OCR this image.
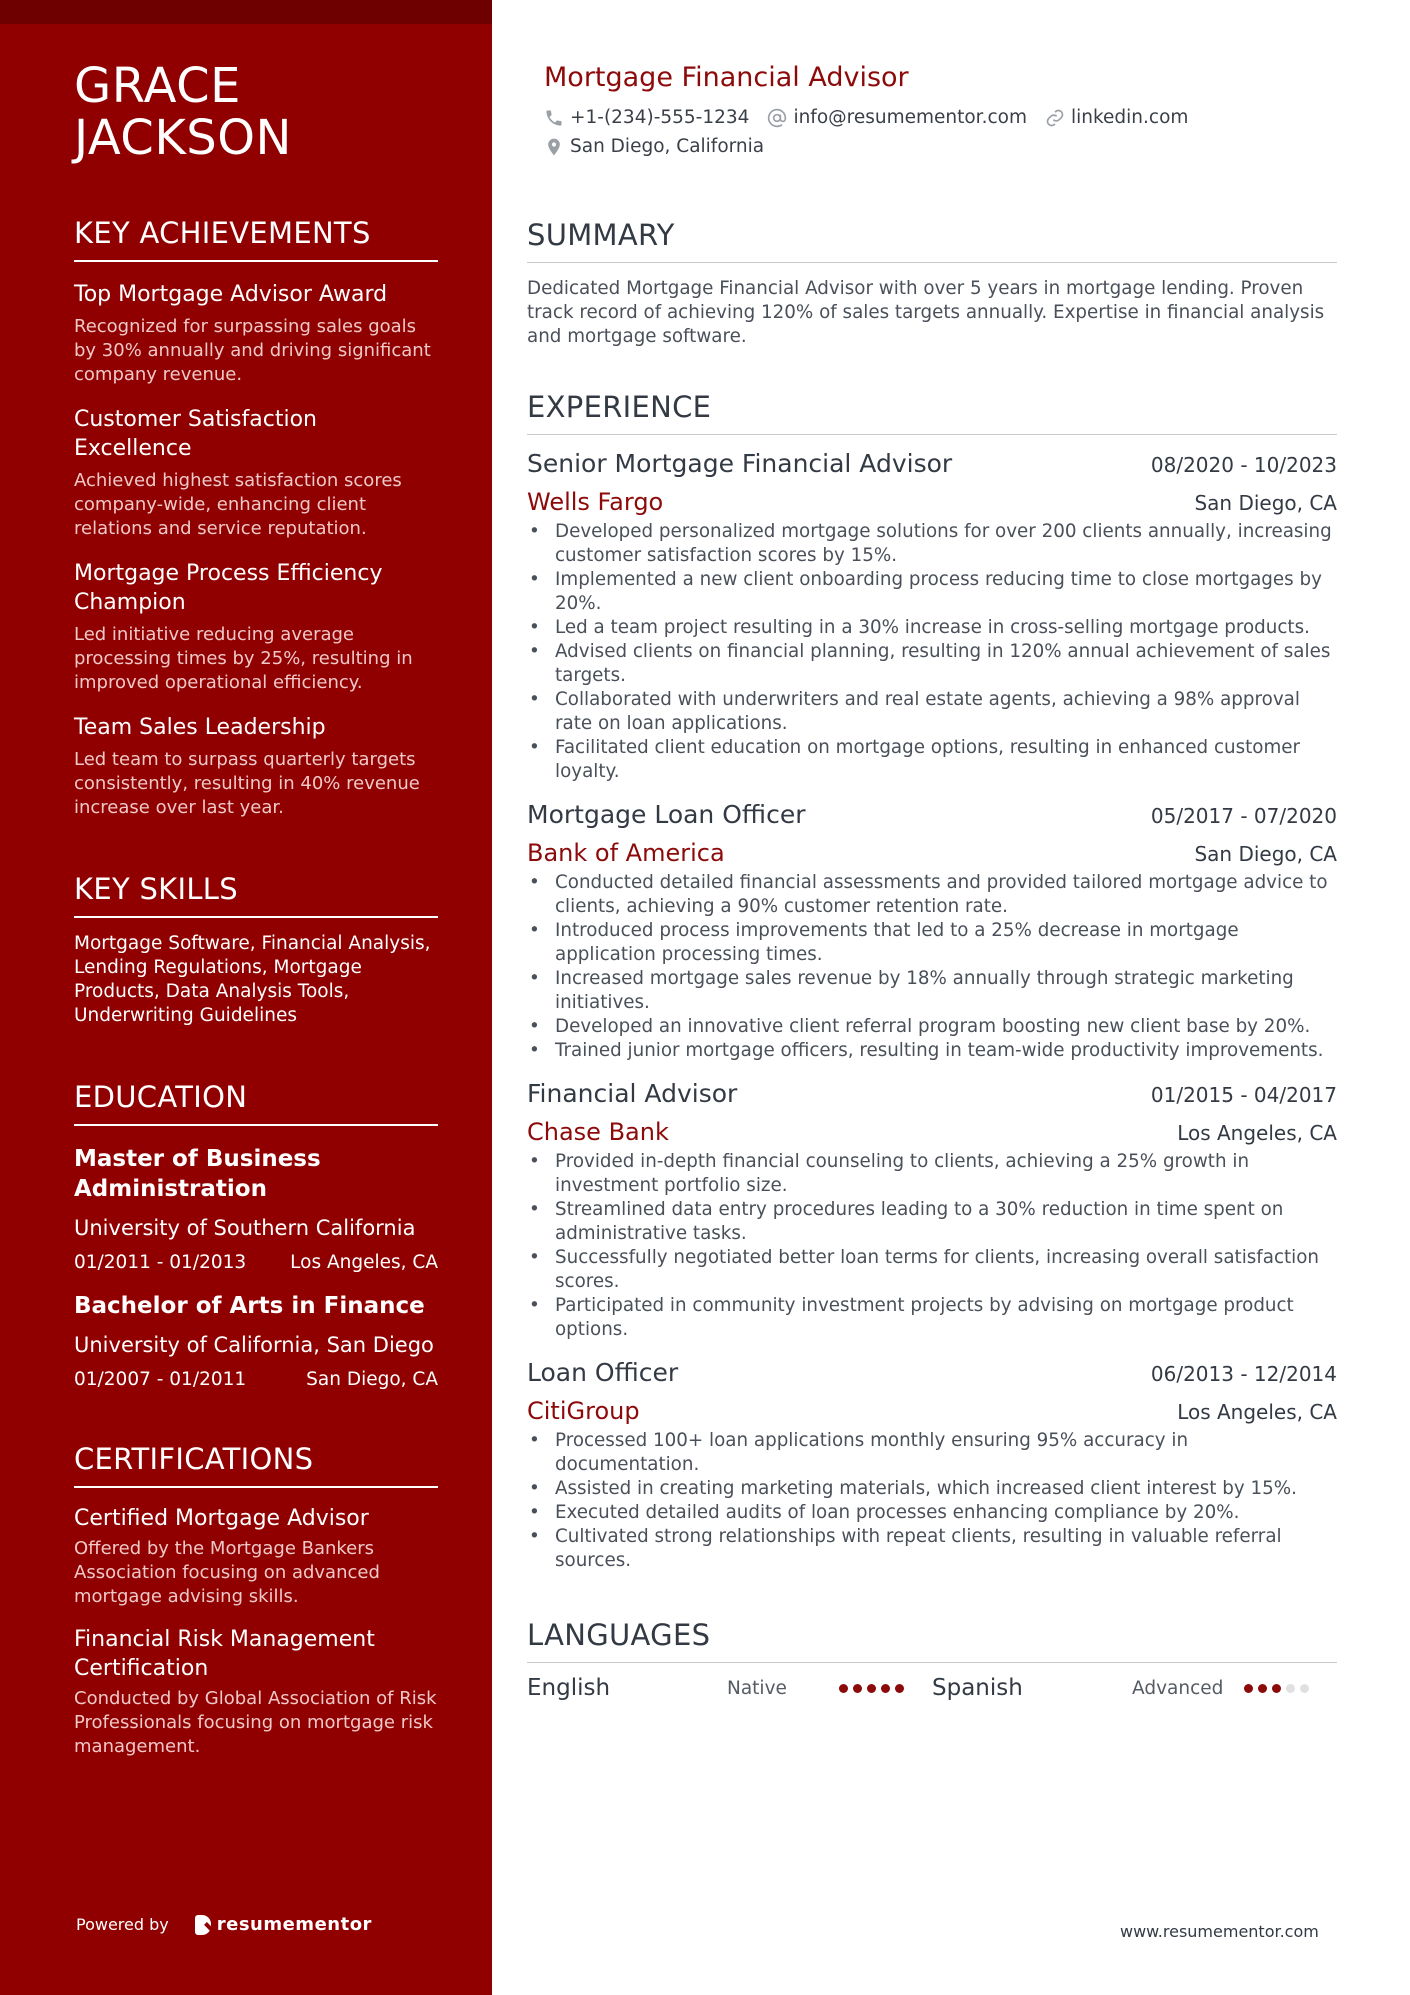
GRACE
JACKSON
KEY ACHIEVEMENTS
Top Mortgage Advisor Award
Recognized for surpassing sales goals by 30% annually and driving significant company revenue.
Customer Satisfaction Excellence
Achieved highest satisfaction scores company-wide, enhancing client relations and service reputation.
Mortgage Process Efficiency Champion
Led initiative reducing average processing times by 25%, resulting in improved operational efficiency.
Team Sales Leadership
Led team to surpass quarterly targets consistently, resulting in 40% revenue increase over last year.
KEY SKILLS
Mortgage Software, Financial Analysis, Lending Regulations, Mortgage Products, Data Analysis Tools, Underwriting Guidelines
EDUCATION
Master of Business Administration
University of Southern California
01/2011 - 01/2013 Los Angeles, CA
Bachelor of Arts in Finance
University of California, San Diego
01/2007 - 01/2011	San Diego, CA
CERTIFICATIONS
Certified Mortgage Advisor
Offered by the Mortgage Bankers Association focusing on advanced mortgage advising skills.
Financial Risk Management Certification
Conducted by Global Association of Risk Professionals focusing on mortgage risk management.
Powered by	resumementor
Mortgage Financial Advisor
+1-(234)-555-1234 info@resumementor.com linkedin.com
San Diego, California
SUMMARY
Dedicated Mortgage Financial Advisor with over 5 years in mortgage lending. Proven track record of achieving 120% of sales targets annually. Expertise in financial analysis and mortgage software.
EXPERIENCE
Senior Mortgage Financial Advisor	08/2020 - 10/2023
Wells Fargo	San Diego, CA
• Developed personalized mortgage solutions for over 200 clients annually, increasing customer satisfaction scores by 15%.
• Implemented a new client onboarding process reducing time to close mortgages by 20%.
• Led a team project resulting in a 30% increase in cross-selling mortgage products.
• Advised clients on financial planning, resulting in 120% annual achievement of sales targets.
• Collaborated with underwriters and real estate agents, achieving a 98% approval rate on loan applications.
• Facilitated client education on mortgage options, resulting in enhanced customer loyalty.
Mortgage Loan Officer	05/2017 - 07/2020
Bank of America	San Diego, CA
• Conducted detailed financial assessments and provided tailored mortgage advice to clients, achieving a 90% customer retention rate.
• Introduced process improvements that led to a 25% decrease in mortgage application processing times.
• Increased mortgage sales revenue by 18% annually through strategic marketing initiatives.
• Developed an innovative client referral program boosting new client base by 20%.
• Trained junior mortgage officers, resulting in team-wide productivity improvements.
Financial Advisor	01/2015 - 04/2017
Chase Bank	Los Angeles, CA
• Provided in-depth financial counseling to clients, achieving a 25% growth in investment portfolio size.
• Streamlined data entry procedures leading to a 30% reduction in time spent on administrative tasks.
• Successfully negotiated better loan terms for clients, increasing overall satisfaction scores.
• Participated in community investment projects by advising on mortgage product options.
Loan Officer	06/2013 - 12/2014
CitiGroup	Los Angeles, CA
• Processed 100+ loan applications monthly ensuring 95% accuracy in documentation.
• Assisted in creating marketing materials, which increased client interest by 15%.
• Executed detailed audits of loan processes enhancing compliance by 20%.
• Cultivated strong relationships with repeat clients, resulting in valuable referral sources.
LANGUAGES
English	Native	Spanish	Advanced
www.resumementor.com
